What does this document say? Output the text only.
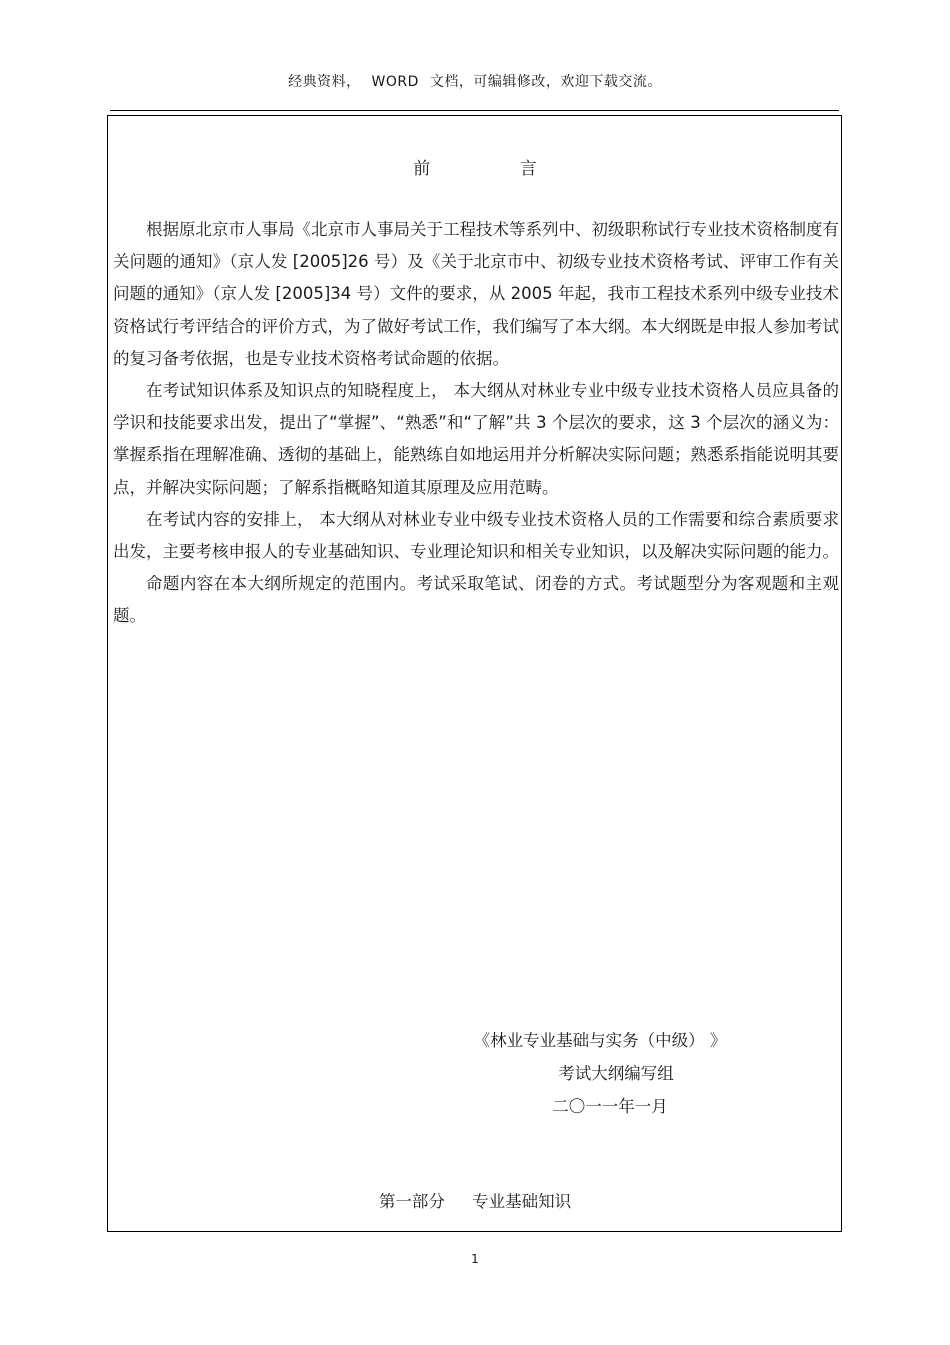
经典资料， WORD 文档，可编辑修改，欢迎下载交流。
前 言

根据原北京市人事局《北京市人事局关于工程技术等系列中、初级职称试行专业技术资格制度有关问题的通知》（京人发 [2005]26 号）及《关于北京市中、初级专业技术资格考试、评审工作有关问题的通知》（京人发 [2005]34 号）文件的要求，从 2005 年起，我市工程技术系列中级专业技术资格试行考评结合的评价方式，为了做好考试工作，我们编写了本大纲。本大纲既是申报人参加考试的复习备考依据，也是专业技术资格考试命题的依据。

在考试知识体系及知识点的知晓程度上， 本大纲从对林业专业中级专业技术资格人员应具备的学识和技能要求出发，提出了“掌握”、“熟悉”和“了解”共 3 个层次的要求，这 3 个层次的涵义为：掌握系指在理解准确、透彻的基础上，能熟练自如地运用并分析解决实际问题；熟悉系指能说明其要点，并解决实际问题；了解系指概略知道其原理及应用范畴。

在考试内容的安排上， 本大纲从对林业专业中级专业技术资格人员的工作需要和综合素质要求出发，主要考核申报人的专业基础知识、专业理论知识和相关专业知识，以及解决实际问题的能力。

命题内容在本大纲所规定的范围内。考试采取笔试、闭卷的方式。考试题型分为客观题和主观题。

《林业专业基础与实务（中级） 》
考试大纲编写组
二〇一一年一月
第一部分 专业基础知识
1
